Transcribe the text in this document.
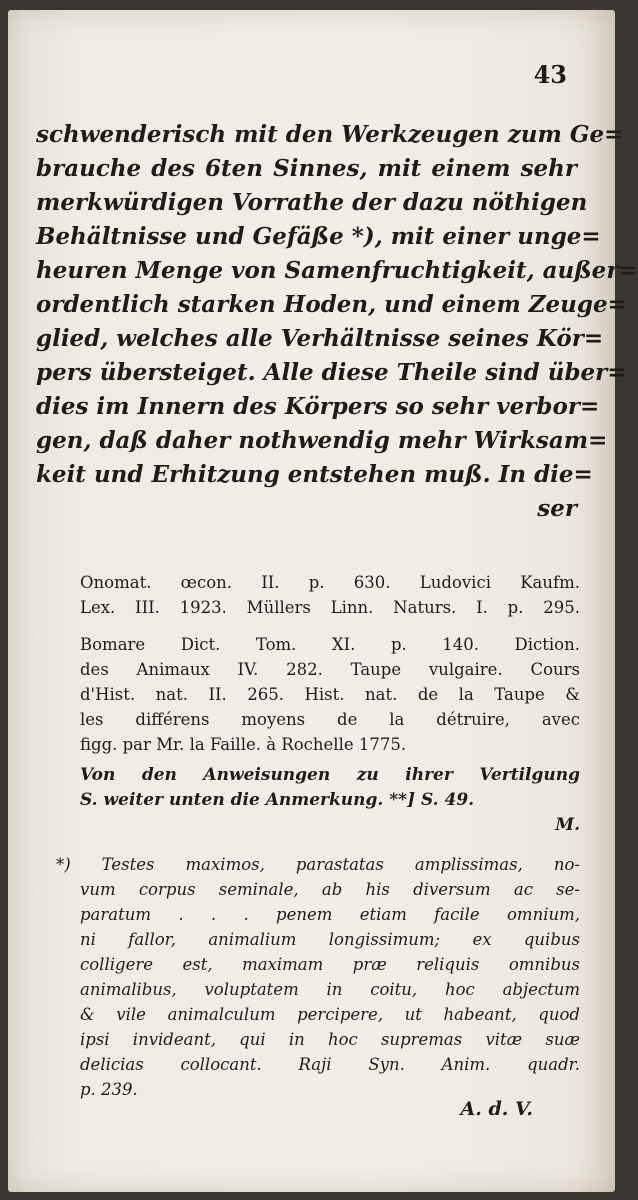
43

schwenderisch mit den Werkzeugen zum Ge=
brauche des 6ten Sinnes, mit einem sehr
merkwürdigen Vorrathe der dazu nöthigen
Behältnisse und Gefäße *), mit einer unge=
heuren Menge von Samenfruchtigkeit, außer=
ordentlich starken Hoden, und einem Zeuge=
glied, welches alle Verhältnisse seines Kör=
pers übersteiget. Alle diese Theile sind über=
dies im Innern des Körpers so sehr verbor=
gen, daß daher nothwendig mehr Wirksam=
keit und Erhitzung entstehen muß. In die=
ser
Onomat. œcon. II. p. 630. Ludovici Kaufm.
Lex. III. 1923. Müllers Linn. Naturs. I. p. 295.
Bomare Dict. Tom. XI. p. 140. Diction.
des Animaux IV. 282. Taupe vulgaire. Cours
d'Hist. nat. II. 265. Hist. nat. de la Taupe &
les différens moyens de la détruire, avec
figg. par Mr. la Faille. à Rochelle 1775.
Von den Anweisungen zu ihrer Vertilgung
S. weiter unten die Anmerkung. **] S. 49.
M.
*) Testes maximos, parastatas amplissimas, no-
vum corpus seminale, ab his diversum ac se-
paratum . . . penem etiam facile omnium,
ni fallor, animalium longissimum; ex quibus
colligere est, maximam præ reliquis omnibus
animalibus, voluptatem in coitu, hoc abjectum
& vile animalculum percipere, ut habeant, quod
ipsi invideant, qui in hoc supremas vitæ suæ
delicias collocant. Raji Syn. Anim. quadr.
p. 239.

A. d. V.
